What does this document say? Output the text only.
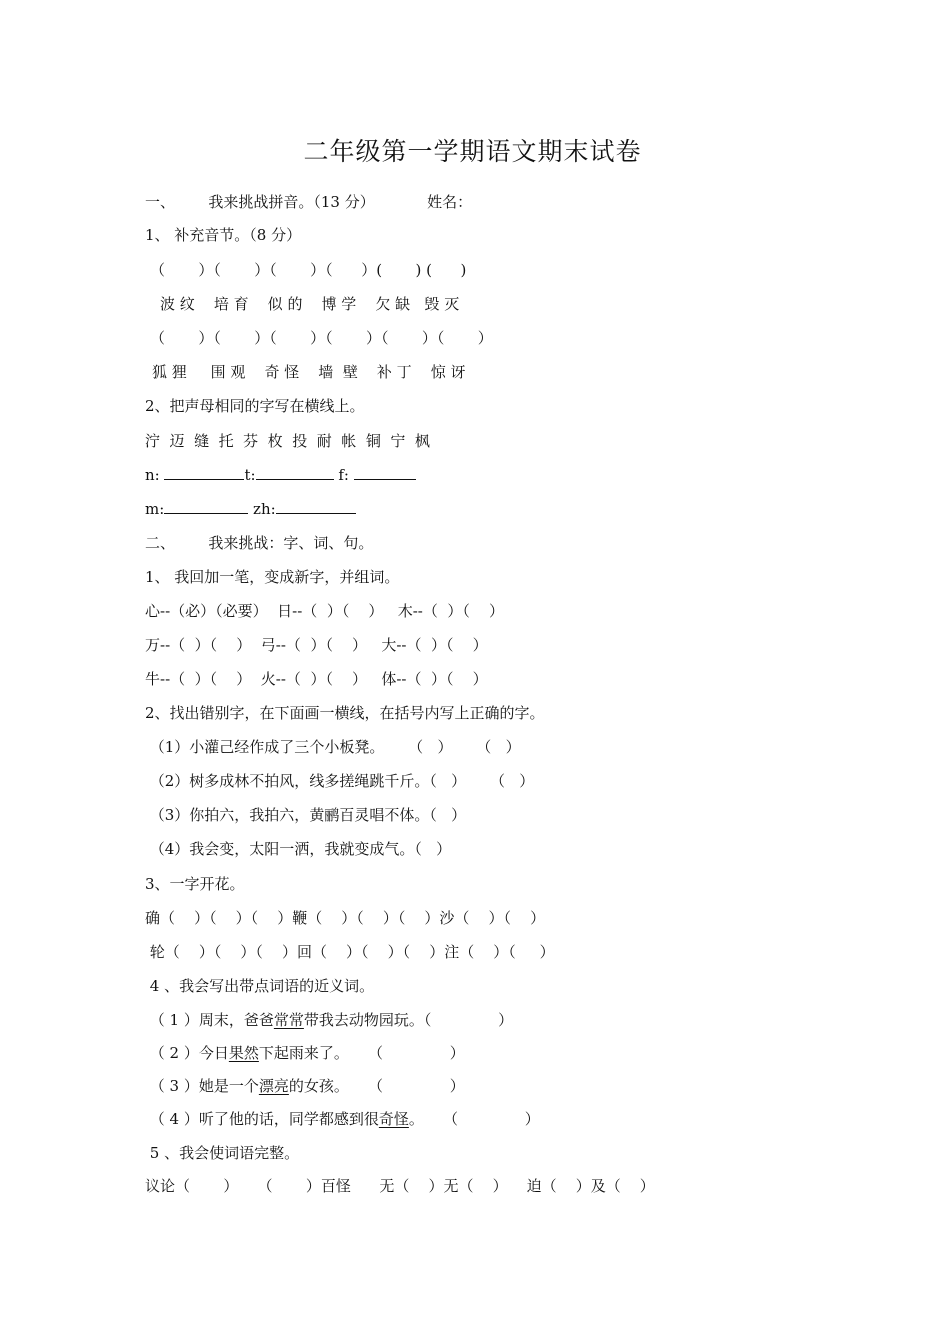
二年级第一学期语文期末试卷
一、       我来挑战拼音。（13 分）           姓名：
1、 补充音节。（8 分）
（       ）（       ）（       ）（      ）(       ) (      )
波 纹    培 育    似 的    博 学    欠 缺   毁 灭
（       ）（       ）（       ）（       ）（       ）（       ）
狐 狸     围 观    奇 怪    墙  壁    补 丁    惊 讶
2、把声母相同的字写在横线上。
泞  迈  缝  托  芬  枚  投  耐  帐  铜  宁  枫
n:	t:	f:
m:	zh:
二、       我来挑战：字、词、句。
1、 我回加一笔，变成新字，并组词。
心--（必）（必要）  日--（  ）（    ）   木--（  ）（    ）
万--（  ）（    ）  弓--（  ）（    ）   大--（  ）（    ）
牛--（  ）（    ）  火--（  ）（    ）   体--（  ）（    ）
2、找出错别字，在下面画一横线，在括号内写上正确的字。
（1）小灌己经作成了三个小板凳。     （   ）     （   ）
（2）树多成林不拍风，线多搓绳跳千斤。（   ）     （   ）
（3）你拍六，我拍六，黄鹂百灵唱不体。（   ）
（4）我会变，太阳一洒，我就变成气。（   ）
3、一字开花。
确（    ）（    ）（    ）鞭（    ）（    ）（    ）沙（    ）（    ）
轮（    ）（    ）（    ）回（    ）（    ）（    ）注（    ）（     ）
4 、我会写出带点词语的近义词。
（ 1 ）周末，爸爸常常带我去动物园玩。（              ）
（ 2 ）今日果然下起雨来了。    （              ）
（ 3 ）她是一个漂亮的女孩。    （              ）
（ 4 ）听了他的话，同学都感到很奇怪。    （              ）
5 、我会使词语完整。
议论（       ）    （       ）百怪      无（    ）无（    ）    迫（    ）及（    ）
